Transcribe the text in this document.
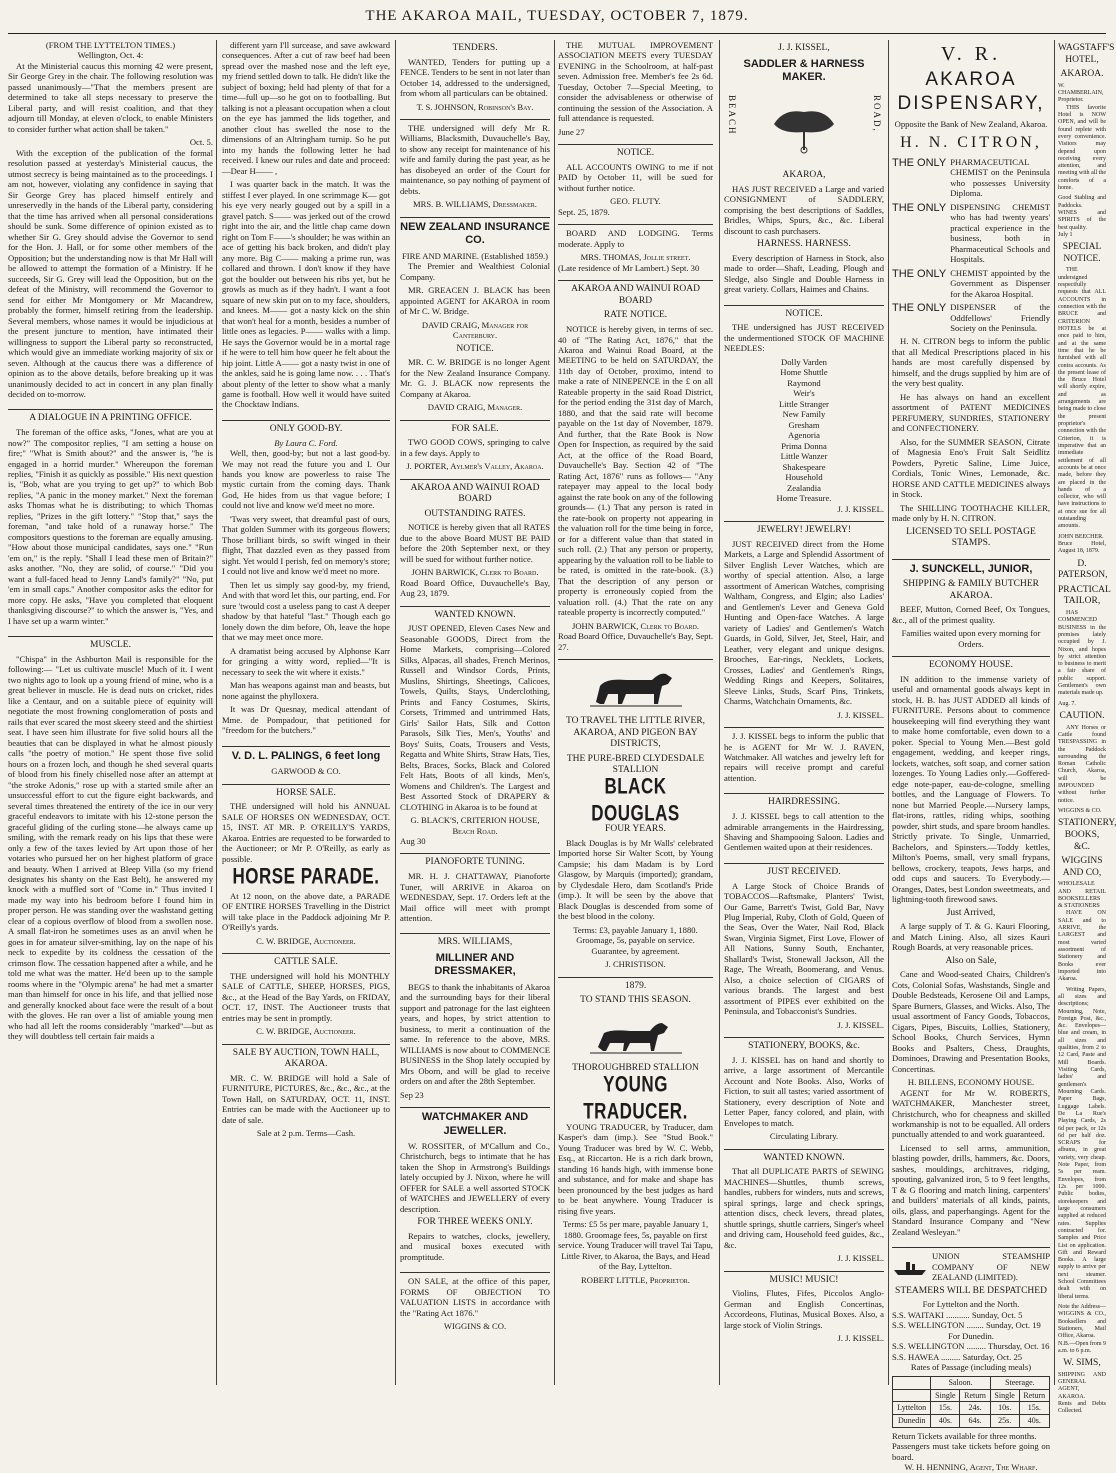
THE AKAROA MAIL, TUESDAY, OCTOBER 7, 1879.
(FROM THE LYTTELTON TIMES.)
Wellington, Oct. 4:

At the Ministerial caucus this morning 42 were present, Sir George Grey in the chair. The following resolution was passed unanimously—"That the members present are determined to take all steps necessary to preserve the Liberal party, and will resist coalition, and that they adjourn till Monday, at eleven o'clock, to enable Ministers to consider further what action shall be taken."

Oct. 5.

With the exception of the publication of the formal resolution passed at yesterday's Ministerial caucus, the utmost secrecy is being maintained as to the proceedings. I am not, however, violating any confidence in saying that Sir George Grey has placed himself entirely and unreservedly in the hands of the Liberal party, considering that the time has arrived when all personal considerations should be sunk. Some difference of opinion existed as to whether Sir G. Grey should advise the Governor to send for the Hon. J. Hall, or for some other members of the Opposition; but the understanding now is that Mr Hall will be allowed to attempt the formation of a Ministry. If he succeeds, Sir G. Grey will lead the Opposition, but on the defeat of the Ministry, will recommend the Governor to send for either Mr Montgomery or Mr Macandrew, probably the former, himself retiring from the leadership. Several members, whose names it would be injudicious at the present juncture to mention, have intimated their willingness to support the Liberal party so reconstructed, which would give an immediate working majority of six or seven. Although at the caucus there was a difference of opinion as to the above details, before breaking up it was unanimously decided to act in concert in any plan finally decided on to-morrow.

A DIALOGUE IN A PRINTING OFFICE.

The foreman of the office asks, "Jones, what are you at now?" The compositor replies, "I am setting a house on fire;" "What is Smith about?" and the answer is, "he is engaged in a horrid murder." Whereupon the foreman replies, "Finish it as quickly as possible." His next question is, "Bob, what are you trying to get up?" to which Bob replies, "A panic in the money market." Next the foreman asks Thomas what he is distributing; to which Thomas replies, "Prizes in the gift lottery." "Stop that," says the foreman, "and take hold of a runaway horse." The compositors questions to the foreman are equally amusing. "How about those municipal candidates, says one." "Run 'em on," is the reply. "Shall I lead these men of Britain?" asks another. "No, they are solid, of course." "Did you want a full-faced head to Jenny Land's family?" "No, put 'em in small caps." Another compositor asks the editor for more copy. He asks, "Have you completed that eloquent thanksgiving discourse?" to which the answer is, "Yes, and I have set up a warm winter."

MUSCLE.

"Chispa" in the Ashburton Mail is responsible for the following:— "Let us cultivate muscle! Much of it. I went two nights ago to look up a young friend of mine, who is a great believer in muscle. He is dead nuts on cricket, rides like a Centaur, and on a suitable piece of equinity will negotiate the most frowning conglomeration of posts and rails that ever scared the most skeery steed and the shirtiest seat. I have seen him illustrate for five solid hours all the beauties that can be displayed in what he almost piously calls "the poetry of motion." He spent those five solid hours on a frozen loch, and though he shed several quarts of blood from his finely chiselled nose after an attempt at "the stroke Adonis," rose up with a started smile after an unsuccessful effort to cut the figure eight backwards, and several times threatened the entirety of the ice in our very graceful endeavors to imitate with his 12-stone person the graceful gliding of the curling stone—he always came up smiling, with the remark ready on his lips that these were only a few of the taxes levied by Art upon those of her votaries who pursued her on her highest platform of grace and beauty. When I arrived at Bleep Villa (so my friend designates his shanty on the East Belt), he answered my knock with a muffled sort of "Come in." Thus invited I made my way into his bedroom before I found him in proper person. He was standing over the washstand getting clear of a copious overflow of blood from a swollen nose. A small flat-iron he sometimes uses as an anvil when he goes in for amateur silver-smithing, lay on the nape of his neck to expedite by its coldness the cessation of the crimson flow. The cessation happened after a while, and he told me what was the matter. He'd been up to the sample rooms where in the "Olympic arena" he had met a smarter man than himself for once in his life, and that jellied nose and generally knocked about face were the result of a bout with the gloves. He ran over a list of amiable young men who had all left the rooms considerably "marked"—but as they will doubtless tell certain fair maids a

different yarn I'll surcease, and save awkward consequences. After a cut of raw beef had been spread over the mashed nose and the left eye, my friend settled down to talk. He didn't like the subject of boxing; held had plenty of that for a time—full up—so he got on to footballing. But talking is not a pleasant occupation when a clout on the eye has jammed the lids together, and another clout has swelled the nose to the dimensions of an Altringham turnip. So he put into my hands the following letter he had received. I knew our rules and date and proceed:—Dear H—— ,

I was quarter back in the match. It was the stiffest I ever played. In one scrimmage K— got his eye very nearly gouged out by a spill in a gravel patch. S—— was jerked out of the crowd right into the air, and the little chap came down right on Tom F——'s shoulder; he was within an ace of getting his back broken, and didn't play any more. Big C—— making a prime run, was collared and thrown. I don't know if they have got the boulder out between his ribs yet, but he growls as much as if they hadn't. I want a foot square of new skin put on to my face, shoulders, and knees. M—— got a nasty kick on the shin that won't heal for a month, besides a number of little ones as legacies. P—— walks with a limp. He says the Governor would be in a mortal rage if he were to tell him how queer he felt about the hip joint. Little A—— got a nasty twist in one of the ankles, said he is going lame now. . . . That's about plenty of the letter to show what a manly game is football. How well it would have suited the Chocktaw Indians.

ONLY GOOD-BY.
By Laura C. Ford.

Well, then, good-by; but not a last good-by. We may not read the future you and I. Our hands you know are powerless to raise The mystic curtain from the coming days. Thank God, He hides from us that vague before; I could not live and know we'd meet no more.

'Twas very sweet, that dreamful past of ours, That golden Summer with its gorgeous flowers; Those brilliant birds, so swift winged in their flight, That dazzled even as they passed from sight. Yet would I perish, fed on memory's store; I could not live and know we'd meet no more.

Then let us simply say good-by, my friend, And with that word let this, our parting, end. For sure 'twould cost a useless pang to cast A deeper shadow by that hateful "last." Though each go lonely down the dim before, Oh, leave the hope that we may meet once more.

A dramatist being accused by Alphonse Karr for gringing a witty word, replied—"It is necessary to seek the wit where it exists."

Man has weapons against man and beasts, but none against the phylloxera.

It was Dr Quesnay, medical attendant of Mme. de Pompadour, that petitioned for "freedom for the butchers."

V. D. L. PALINGS, 6 feet long
GARWOOD & CO.
HORSE SALE.

THE undersigned will hold his ANNUAL SALE OF HORSES ON WEDNESDAY, OCT. 15, INST. AT MR. P. O'REILLY'S YARDS, Akaroa. Entries are requested to be forwarded to the Auctioneer; or Mr P. O'Reilly, as early as possible.

HORSE PARADE.

At 12 noon, on the above date, a PARADE OF ENTIRE HORSES Travelling in the District will take place in the Paddock adjoining Mr P. O'Reilly's yards.

C. W. BRIDGE, Auctioneer.
CATTLE SALE.

THE undersigned will hold his MONTHLY SALE of CATTLE, SHEEP, HORSES, PIGS, &c., at the Head of the Bay Yards, on FRIDAY, OCT. 17, INST. The Auctioneer trusts that entries may be sent in promptly.

C. W. BRIDGE, Auctioneer.
SALE BY AUCTION, TOWN HALL, AKAROA.

MR. C. W. BRIDGE will hold a Sale of FURNITURE, PICTURES, &c., &c., &c., at the Town Hall, on SATURDAY, OCT. 11, INST. Entries can be made with the Auctioneer up to date of sale.

Sale at 2 p.m. Terms—Cash.
TENDERS.

WANTED, Tenders for putting up a FENCE. Tenders to be sent in not later than October 14, addressed to the undersigned, from whom all particulars can be obtained.

T. S. JOHNSON, Robinson's Bay.

THE undersigned will defy Mr R. Williams, Blacksmith, Duvauchelle's Bay, to show any receipt for maintenance of his wife and family during the past year, as he has disobeyed an order of the Court for maintenance, so pay nothing of payment of debts.

MRS. B. WILLIAMS, Dressmaker.
NEW ZEALAND INSURANCE CO.
FIRE AND MARINE. (Established 1859.)

The Premier and Wealthiest Colonial Company.

MR. GREACEN J. BLACK has been appointed AGENT for AKAROA in room of Mr C. W. Bridge.

DAVID CRAIG, Manager for Canterbury.
NOTICE.

MR. C. W. BRIDGE is no longer Agent for the New Zealand Insurance Company. Mr. G. J. BLACK now represents the Company at Akaroa.

DAVID CRAIG, Manager.
FOR SALE.

TWO GOOD COWS, springing to calve in a few days. Apply to

J. PORTER, Aylmer's Valley, Akaroa.
AKAROA AND WAINUI ROAD BOARD
OUTSTANDING RATES.

NOTICE is hereby given that all RATES due to the above Board MUST BE PAID before the 20th September next, or they will be sued for without further notice.

JOHN BARWICK, Clerk to Board.
Road Board Office, Duvauchelle's Bay, Aug 23, 1879.
WANTED KNOWN.

JUST OPENED, Eleven Cases New and Seasonable GOODS, Direct from the Home Markets, comprising—Colored Silks, Alpacas, all shades, French Merinos, Russell and Windsor Cords, Prints, Muslins, Shirtings, Sheetings, Calicoes, Towels, Quilts, Stays, Underclothing, Prints and Fancy Costumes, Skirts, Corsets, Trimmed and untrimmed Hats, Girls' Sailor Hats, Silk and Cotton Parasols, Silk Ties, Men's, Youths' and Boys' Suits, Coats, Trousers and Vests, Regatta and White Shirts, Straw Hats, Ties, Belts, Braces, Socks, Black and Colored Felt Hats, Boots of all kinds, Men's, Womens and Children's. The Largest and Best Assorted Stock of DRAPERY & CLOTHING in Akaroa is to be found at

G. BLACK'S, CRITERION HOUSE, Beach Road.
Aug 30
PIANOFORTE TUNING.

MR. H. J. CHATTAWAY, Pianoforte Tuner, will ARRIVE in Akaroa on WEDNESDAY, Sept. 17. Orders left at the Mail office will meet with prompt attention.

MRS. WILLIAMS,
MILLINER AND DRESSMAKER,

BEGS to thank the inhabitants of Akaroa and the surrounding bays for their liberal support and patronage for the last eighteen years, and hopes, by strict attention to business, to merit a continuation of the same. In reference to the above, MRS. WILLIAMS is now about to COMMENCE BUSINESS in the Shop lately occupied by Mrs Oborn, and will be glad to receive orders on and after the 28th September.

Sep 23
WATCHMAKER AND JEWELLER.

W. ROSSITER, of M'Callum and Co., Christchurch, begs to intimate that he has taken the Shop in Armstrong's Buildings lately occupied by J. Nixon, where he will OFFER for SALE a well assorted STOCK of WATCHES and JEWELLERY of every description.

FOR THREE WEEKS ONLY.

Repairs to watches, clocks, jewellery, and musical boxes executed with promptitude.

ON SALE, at the office of this paper, FORMS OF OBJECTION TO VALUATION LISTS in accordance with the "Rating Act 1876."

WIGGINS & CO.

THE MUTUAL IMPROVEMENT ASSOCIATION MEETS every TUESDAY EVENING in the Schoolroom, at half-past seven. Admission free. Member's fee 2s 6d. Tuesday, October 7—Special Meeting, to consider the advisableness or otherwise of continuing the session of the Association. A full attendance is requested.

June 27
NOTICE.

ALL ACCOUNTS OWING to me if not PAID by October 11, will be sued for without further notice.

GEO. FLUTY.
Sept. 25, 1879.

BOARD AND LODGING. Terms moderate. Apply to

MRS. THOMAS, Jollie street.
(Late residence of Mr Lambert.) Sept. 30
AKAROA AND WAINUI ROAD BOARD
RATE NOTICE.

NOTICE is hereby given, in terms of sec. 40 of "The Rating Act, 1876," that the Akaroa and Wainui Road Board, at the MEETING to be held on SATURDAY, the 11th day of October, proximo, intend to make a rate of NINEPENCE in the £ on all Rateable property in the said Road District, for the period ending the 31st day of March, 1880, and that the said rate will become payable on the 1st day of November, 1879. And further, that the Rate Book is Now Open for Inspection, as required by the said Act, at the office of the Road Board, Duvauchelle's Bay. Section 42 of "The Rating Act, 1876" runs as follows— "Any ratepayer may appeal to the local body against the rate book on any of the following grounds— (1.) That any person is rated in the rate-book on property not appearing in the valuation roll for the time being in force, or for a different value than that stated in such roll. (2.) That any person or property, appearing by the valuation roll to be liable to be rated, is omitted in the rate-book. (3.) That the description of any person or property is erroneously copied from the valuation roll. (4.) That the rate on any rateable property is incorrectly computed."

JOHN BARWICK, Clerk to Board.
Road Board Office, Duvauchelle's Bay, Sept. 27.
TO TRAVEL THE LITTLE RIVER, AKAROA, AND PIGEON BAY DISTRICTS,
THE PURE-BRED CLYDESDALE STALLION
BLACK DOUGLAS
FOUR YEARS.

Black Douglas is by Mr Walls' celebrated Imported horse Sir Walter Scott, by Young Campsie; his dam Madam is by Lord Glasgow, by Marquis (imported); grandam, by Clydesdale Hero, dam Scotland's Pride (imp.). It will be seen by the above that Black Douglas is descended from some of the best blood in the colony.

Terms: £3, payable January 1, 1880. Groomage, 5s, payable on service. Guarantee, by agreement.

J. CHRISTISON.
1879.
TO STAND THIS SEASON.
THOROUGHBRED STALLION
YOUNG TRADUCER.

YOUNG TRADUCER, by Traducer, dam Kasper's dam (imp.). See "Stud Book." Young Traducer was bred by W. C. Webb, Esq., at Riccarton. He is a rich dark brown, standing 16 hands high, with immense bone and substance, and for make and shape has been pronounced by the best judges as hard to be beat anywhere. Young Traducer is rising five years.

Terms: £5 5s per mare, payable January 1, 1880. Groomage fees, 5s, payable on first service. Young Traducer will travel Tai Tapu, Little River, to Akaroa, the Bays, and Head of the Bay, Lyttelton.

ROBERT LITTLE, Proprietor.
J. J. KISSEL,
SADDLER & HARNESS MAKER.
BEACH	ROAD,
AKAROA,

HAS JUST RECEIVED a Large and varied CONSIGNMENT of SADDLERY, comprising the best descriptions of Saddles, Bridles, Whips, Spurs, &c., &c. Liberal discount to cash purchasers.

HARNESS. HARNESS.

Every description of Harness in Stock, also made to order—Shaft, Leading, Plough and Sledge, also Single and Double Harness in great variety. Collars, Haimes and Chains.

NOTICE.

THE undersigned has JUST RECEIVED the undermentioned STOCK OF MACHINE NEEDLES:

Dolly Varden
Home Shuttle
Raymond
Weir's
Little Stranger
New Family
Gresham
Agenoria
Prima Donna
Little Wanzer
Shakespeare
Household
Zealandia
Home Treasure.
J. J. KISSEL.
JEWELRY! JEWELRY!

JUST RECEIVED direct from the Home Markets, a Large and Splendid Assortment of Silver English Lever Watches, which are worthy of special attention. Also, a large assortment of American Watches, comprising Waltham, Congress, and Elgin; also Ladies' and Gentlemen's Lever and Geneva Gold Hunting and Open-face Watches. A large variety of Ladies' and Gentlemen's Watch Guards, in Gold, Silver, Jet, Steel, Hair, and Leather, very elegant and unique designs. Brooches, Ear-rings, Necklets, Lockets, Crosses, Ladies' and Gentlemen's Rings, Wedding Rings and Keepers, Solitaires, Sleeve Links, Studs, Scarf Pins, Trinkets, Charms, Watchchain Ornaments, &c.

J. J. KISSEL.

J. J. KISSEL begs to inform the public that he is AGENT for Mr W. J. RAVEN, Watchmaker. All watches and jewelry left for repairs will receive prompt and careful attention.

HAIRDRESSING.

J. J. KISSEL begs to call attention to the admirable arrangements in the Hairdressing, Shaving and Shampooing Saloon. Ladies and Gentlemen waited upon at their residences.

JUST RECEIVED.

A Large Stock of Choice Brands of TOBACCOS—Raftsmake, Planters' Twist, Our Game, Barrett's Twist, Gold Bar, Navy Plug Imperial, Ruby, Cloth of Gold, Queen of the Seas, Over the Water, Nail Rod, Black Swan, Virginia Sigmet, First Love, Flower of All Nations, Sunny South, Enchanter, Shallard's Twist, Stonewall Jackson, All the Rage, The Wreath, Boomerang, and Venus. Also, a choice selection of CIGARS of various brands. The largest and best assortment of PIPES ever exhibited on the Peninsula, and Tobacconist's Sundries.

J. J. KISSEL.
STATIONERY, BOOKS, &c.

J. J. KISSEL has on hand and shortly to arrive, a large assortment of Mercantile Account and Note Books. Also, Works of Fiction, to suit all tastes; varied assortment of Stationery, every description of Note and Letter Paper, fancy colored, and plain, with Envelopes to match.

Circulating Library.
WANTED KNOWN.

That all DUPLICATE PARTS of SEWING MACHINES—Shuttles, thumb screws, handles, rubbers for winders, nuts and screws, spiral springs, large and check springs, attention discs, check levers, thread plates, shuttle springs, shuttle carriers, Singer's wheel and driving cam, Household feed guides, &c., &c.

J. J. KISSEL.
MUSIC! MUSIC!

Violins, Flutes, Fifes, Piccolos Anglo-German and English Concertinas, Accordeons, Flutinas, Musical Boxes. Also, a large stock of Violin Strings.

J. J. KISSEL.
V. R.
AKAROA DISPENSARY,
Opposite the Bank of New Zealand, Akaroa.
H. N. CITRON,
THE ONLY PHARMACEUTICAL CHEMIST on the Peninsula who possesses University Diploma.
THE ONLY DISPENSING CHEMIST who has had twenty years' practical experience in the business, both in Pharmaceutical Schools and Hospitals.
THE ONLY CHEMIST appointed by the Government as Dispenser for the Akaroa Hospital.
THE ONLY DISPENSER of the Oddfellows' Friendly Society on the Peninsula.

H. N. CITRON begs to inform the public that all Medical Prescriptions placed in his hands are most carefully dispensed by himself, and the drugs supplied by him are of the very best quality.

He has always on hand an excellent assortment of PATENT MEDICINES PERFUMERY, SUNDRIES, STATIONERY and CONFECTIONERY.

Also, for the SUMMER SEASON, Citrate of Magnesia Eno's Fruit Salt Seidlitz Powders, Pyretic Saline, Lime Juice, Cordials, Tonic Wines, Lemonade, &c. HORSE AND CATTLE MEDICINES always in Stock.

The SHILLING TOOTHACHE KILLER, made only by H. N. CITRON.

LICENSED TO SELL POSTAGE STAMPS.
J. SUNCKELL, JUNIOR,
SHIPPING & FAMILY BUTCHER AKAROA.

BEEF, Mutton, Corned Beef, Ox Tongues, &c., all of the primest quality.

Families waited upon every morning for Orders.
ECONOMY HOUSE.

IN addition to the immense variety of useful and ornamental goods always kept in stock, H. B. has JUST ADDED all kinds of FURNITURE. Persons about to commence housekeeping will find everything they want to make home comfortable, even down to a poker. Special to Young Men.—Best gold engagement, wedding, and keeper rings, lockets, watches, soft soap, and corner sation lozenges. To Young Ladies only.—Goffered-edge note-paper, eau-de-cologne, smelling bottles, and the Language of Flowers. To none but Married People.—Nursery lamps, flat-irons, rattles, riding whips, soothing powder, shirt studs, and spare broom handles. Strictly private. To Single, Unmarried, Bachelors, and Spinsters.—Toddy kettles, Milton's Poems, small, very small frypans, bellows, crockery, teapots, Jews harps, and odd cups and saucers. To Everybody.—Oranges, Dates, best London sweetmeats, and lightning-tooth firewood saws.

Just Arrived,

A large supply of T. & G. Kauri Flooring, and Match Lining. Also, all sizes Kauri Rough Boards, at very reasonable prices.

Also on Sale,

Cane and Wood-seated Chairs, Children's Cots, Colonial Sofas, Washstands, Single and Double Bedsteads, Kerosene Oil and Lamps, Spare Burners, Glasses, and Wicks. Also, The usual assortment of Fancy Goods, Tobaccos, Cigars, Pipes, Biscuits, Lollies, Stationery, School Books, Church Services, Hymn Books and Psalters, Chess, Draughts, Dominoes, Drawing and Presentation Books, Concertinas.

H. BILLENS, ECONOMY HOUSE.

AGENT for Mr W. ROBERTS, WATCHMAKER, Manchester street, Christchurch, who for cheapness and skilled workmanship is not to be equalled. All orders punctually attended to and work guaranteed.

Licensed to sell arms, ammunition, blasting powder, drills, hammers, &c. Doors, sashes, mouldings, architraves, ridging, spouting, galvanized iron, 5 to 9 feet lengths, T & G flooring and match lining, carpenters' and builders' materials of all kinds, paints, oils, glass, and paperhangings. Agent for the Standard Insurance Company and "New Zealand Wesleyan."

UNION STEAMSHIP COMPANY OF NEW ZEALAND (LIMITED).
STEAMERS WILL BE DESPATCHED
For Lyttelton and the North.
S.S. WAITAKI ........... Sunday, Oct. 5
S.S. WELLINGTON ........ Sunday, Oct. 19
For Dunedin.
S.S. WELLINGTON ......... Thursday, Oct. 16
S.S. HAWEA ......... Saturday, Oct. 25
Rates of Passage (including meals)
	Saloon.		Steerage.	
	Single	Return	Single	Return
Lyttelton	15s.	24s.	10s.	15s.
Dunedin	40s.	64s.	25s.	40s.
Return Tickets available for three months.
Passengers must take tickets before going on board.
W. H. HENNING, Agent, The Wharf.
WAGSTAFF'S HOTEL,
AKAROA.
W. CHAMBERLAIN, Proprietor.

THIS favorite Hotel is NOW OPEN, and will be found replete with every convenience. Visitors may depend upon receiving every attention, and meeting with all the comforts of a home.

Good Stabling and Paddocks.
WINES and SPIRITS of the best quality.
July 1
SPECIAL NOTICE.

THE undersigned respectfully requests that ALL ACCOUNTS in connection with the BRUCE and CRITERION HOTELS be at once paid to him, and at the same time that he be furnished with all contra accounts. As the present lease of the Bruce Hotel will shortly expire, and as arrangements are being made to close the present proprietor's connection with the Criterion, it is imperative that an immediate settlement of all accounts be at once made, before they are placed in the hands of a collector, who will have instructions to at once sue for all outstanding amounts.

JOHN BEECHER.
Bruce Hotel, August 18, 1879.
D. PATERSON,
PRACTICAL TAILOR,

HAS COMMENCED BUSINESS in the premises lately occupied by J. Nixon, and hopes by strict attention to business to merit a fair share of public support. Gentlemen's own materials made up.

Aug. 7.
CAUTION.

ANY Horses or Cattle found TRESPASSING in the Paddock surrounding the Roman Catholic Church, Akaroa, will be IMPOUNDED without further notice.

WIGGINS & CO.
STATIONERY, BOOKS, &C.
WIGGINS AND CO,
WHOLESALE AND RETAIL BOOKSELLERS & STATIONERS

HAVE ON SALE and to ARRIVE, the LARGEST and most varied assortment of Stationery and Books ever imported into Akaroa.

Writing Papers, all sizes and descriptions; Mourning, Note, Foreign Post, &c., &c. Envelopes—blue and cream, in all sizes and qualities, from 2 to 12 Card, Paste and Mill Boards. Visiting Cards, ladies' and gentlemen's Mourning Cards. Paper Bags, Luggage Labels. De La Rue's Playing Cards, 2s 6d per pack, or 12s 6d per half doz. SCRAPS for albums, in great variety, very cheap. Note Paper, from 5s per ream. Envelopes, from 12s per 1000. Public bodies, storekeepers and large consumers supplied at reduced rates. Supplies contracted for. Samples and Price List on application. Gift and Reward Books. A large supply to arrive per next steamer. School Committees dealt with on liberal terms.

Note the Address— WIGGINS & CO., Booksellers and Stationers, Mail Office, Akaroa.
N.B.—Open from 9 a.m. to 6 p.m.
W. SIMS,
SHIPPING AND GENERAL AGENT, AKAROA.
Rents and Debts Collected.
